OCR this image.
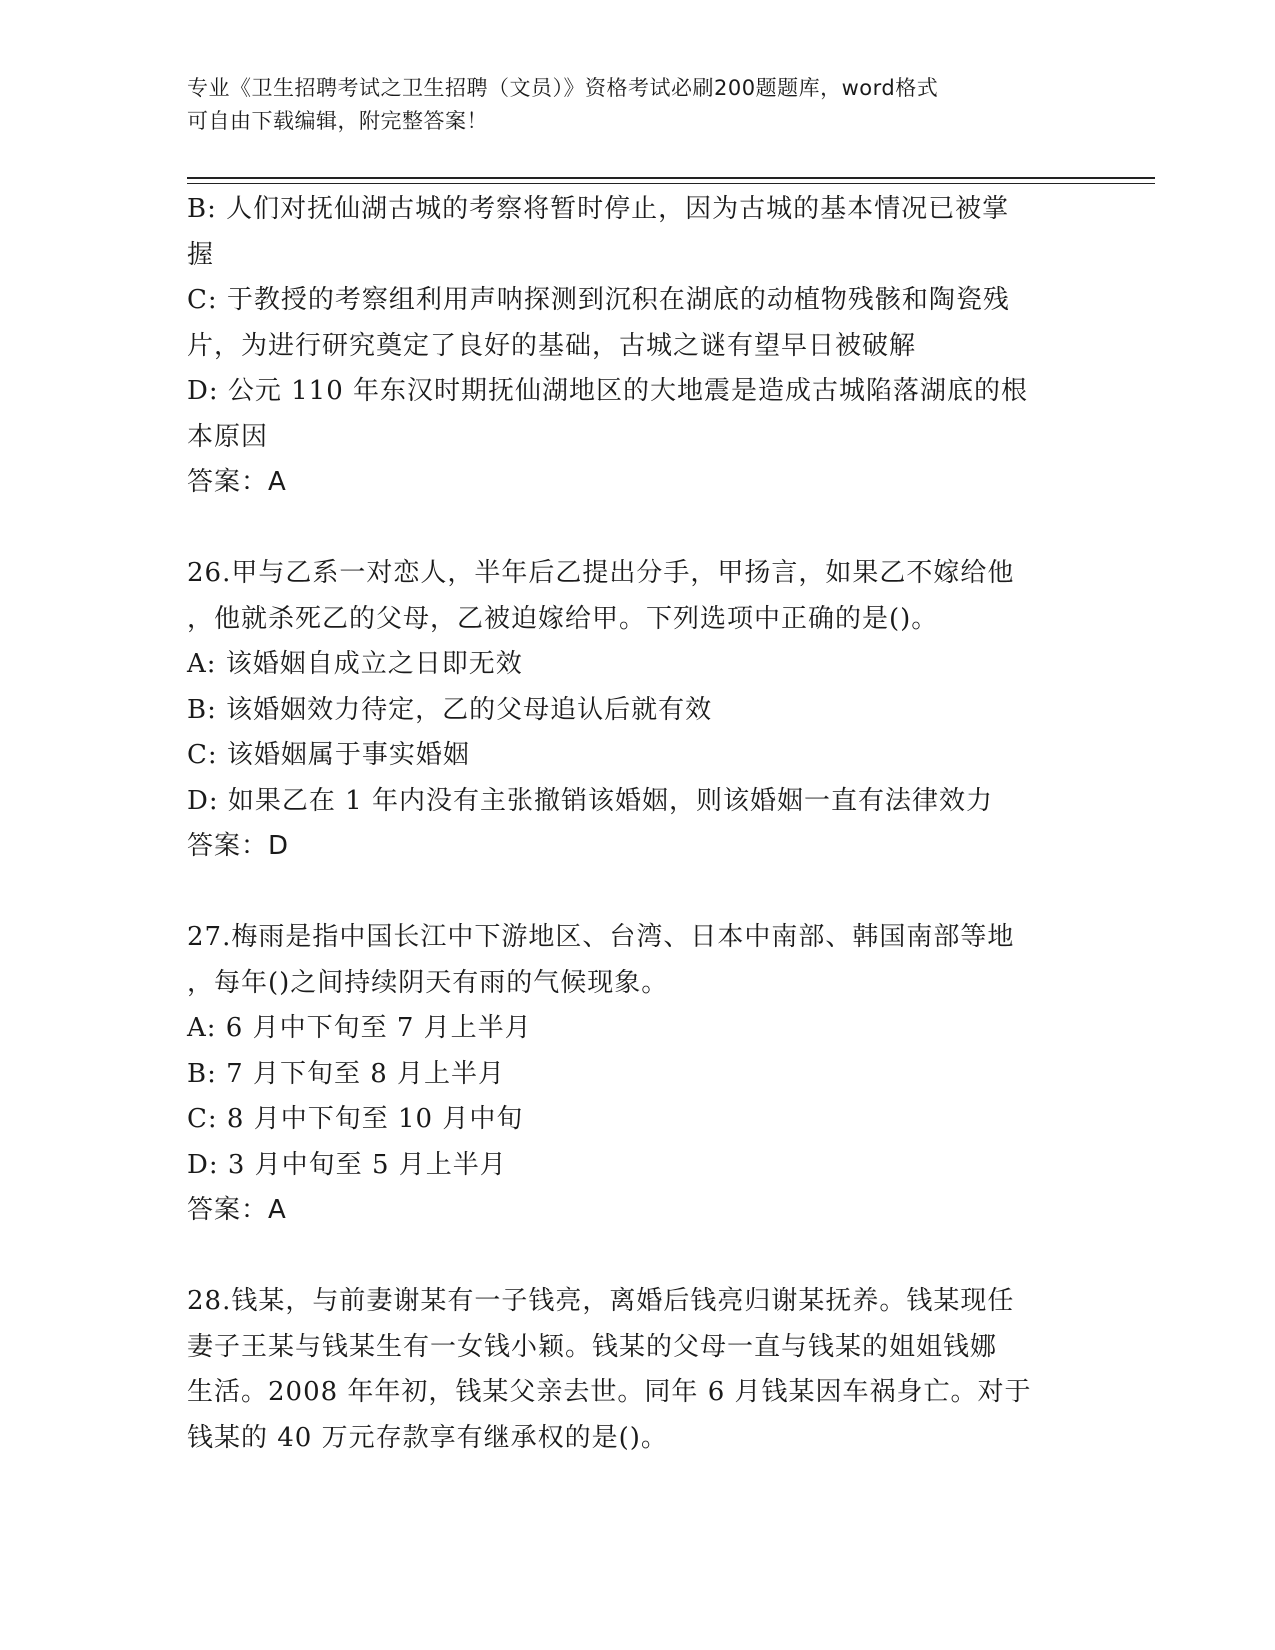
专业《卫生招聘考试之卫生招聘（文员）》资格考试必刷200题题库，word格式
可自由下载编辑，附完整答案！
B: 人们对抚仙湖古城的考察将暂时停止，因为古城的基本情况已被掌
握
C: 于教授的考察组利用声呐探测到沉积在湖底的动植物残骸和陶瓷残
片，为进行研究奠定了良好的基础，古城之谜有望早日被破解
D: 公元 110 年东汉时期抚仙湖地区的大地震是造成古城陷落湖底的根
本原因
答案：A
26.甲与乙系一对恋人，半年后乙提出分手，甲扬言，如果乙不嫁给他
，他就杀死乙的父母，乙被迫嫁给甲。下列选项中正确的是()。
A: 该婚姻自成立之日即无效
B: 该婚姻效力待定，乙的父母追认后就有效
C: 该婚姻属于事实婚姻
D: 如果乙在 1 年内没有主张撤销该婚姻，则该婚姻一直有法律效力
答案：D
27.梅雨是指中国长江中下游地区、台湾、日本中南部、韩国南部等地
，每年()之间持续阴天有雨的气候现象。
A: 6 月中下旬至 7 月上半月
B: 7 月下旬至 8 月上半月
C: 8 月中下旬至 10 月中旬
D: 3 月中旬至 5 月上半月
答案：A
28.钱某，与前妻谢某有一子钱亮，离婚后钱亮归谢某抚养。钱某现任
妻子王某与钱某生有一女钱小颖。钱某的父母一直与钱某的姐姐钱娜
生活。2008 年年初，钱某父亲去世。同年 6 月钱某因车祸身亡。对于
钱某的 40 万元存款享有继承权的是()。
